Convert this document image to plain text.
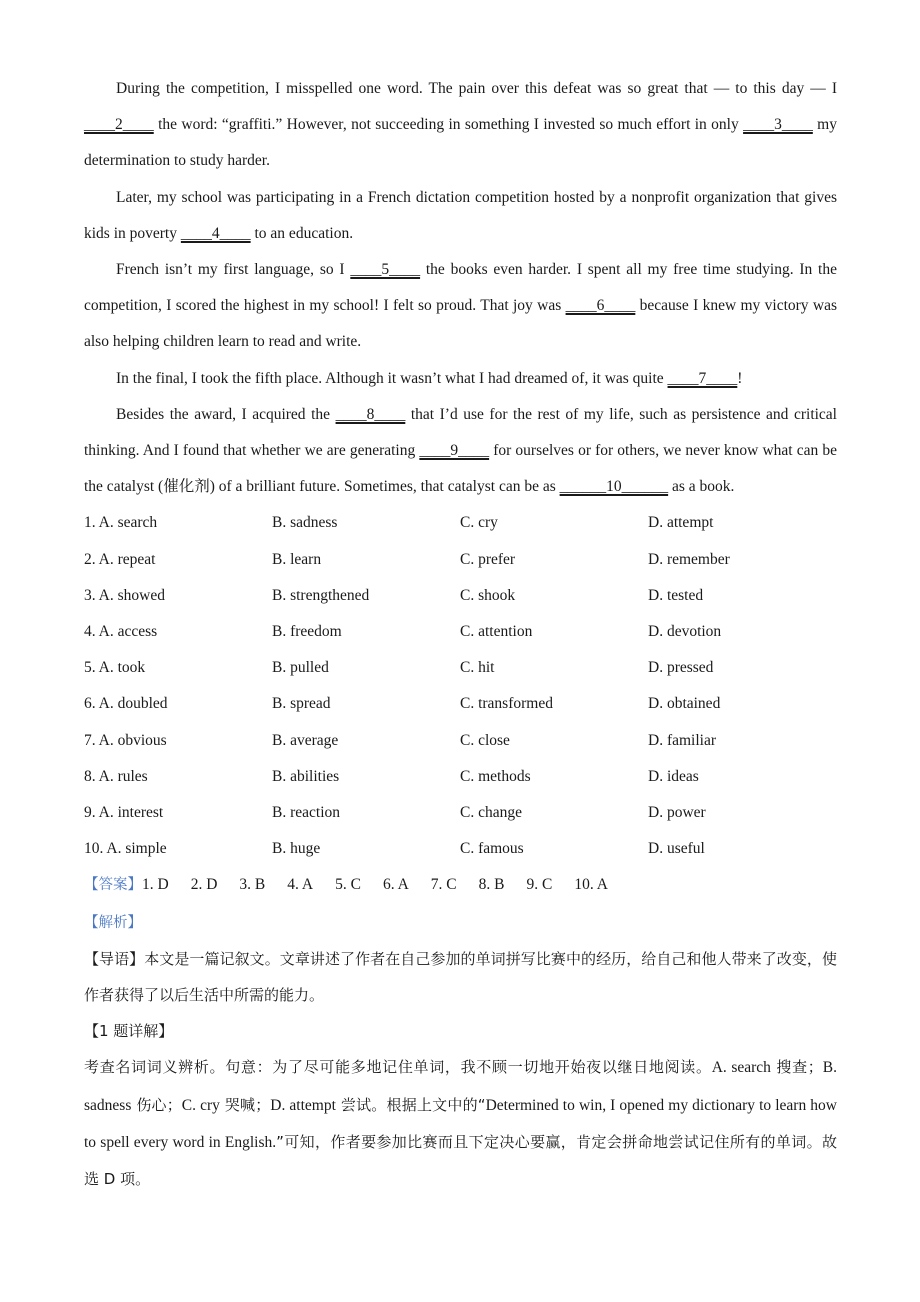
During the competition, I misspelled one word. The pain over this defeat was so great that — to this day — I ____2____ the word: “graffiti.” However, not succeeding in something I invested so much effort in only ____3____ my determination to study harder.

Later, my school was participating in a French dictation competition hosted by a nonprofit organization that gives kids in poverty ____4____ to an education.

French isn’t my first language, so I ____5____ the books even harder. I spent all my free time studying. In the competition, I scored the highest in my school! I felt so proud. That joy was ____6____ because I knew my victory was also helping children learn to read and write.

In the final, I took the fifth place. Although it wasn’t what I had dreamed of, it was quite ____7____!

Besides the award, I acquired the ____8____ that I’d use for the rest of my life, such as persistence and critical thinking. And I found that whether we are generating ____9____ for ourselves or for others, we never know what can be the catalyst (催化剂) of a brilliant future. Sometimes, that catalyst can be as ______10______ as a book.

1. A. search	B. sadness	C. cry	D. attempt
2. A. repeat	B. learn	C. prefer	D. remember
3. A. showed	B. strengthened	C. shook	D. tested
4. A. access	B. freedom	C. attention	D. devotion
5. A. took	B. pulled	C. hit	D. pressed
6. A. doubled	B. spread	C. transformed	D. obtained
7. A. obvious	B. average	C. close	D. familiar
8. A. rules	B. abilities	C. methods	D. ideas
9. A. interest	B. reaction	C. change	D. power
10. A. simple	B. huge	C. famous	D. useful
【答案】 1. D 2. D 3. B 4. A 5. C 6. A 7. C 8. B 9. C 10. A

【解析】

【导语】本文是一篇记叙文。文章讲述了作者在自己参加的单词拼写比赛中的经历，给自己和他人带来了改变，使作者获得了以后生活中所需的能力。

【1 题详解】

考查名词词义辨析。句意：为了尽可能多地记住单词，我不顾一切地开始夜以继日地阅读。A. search 搜查；B. sadness 伤心；C. cry 哭喊；D. attempt 尝试。根据上文中的“Determined to win, I opened my dictionary to learn how to spell every word in English.”可知，作者要参加比赛而且下定决心要赢，肯定会拼命地尝试记住所有的单词。故选 D 项。
